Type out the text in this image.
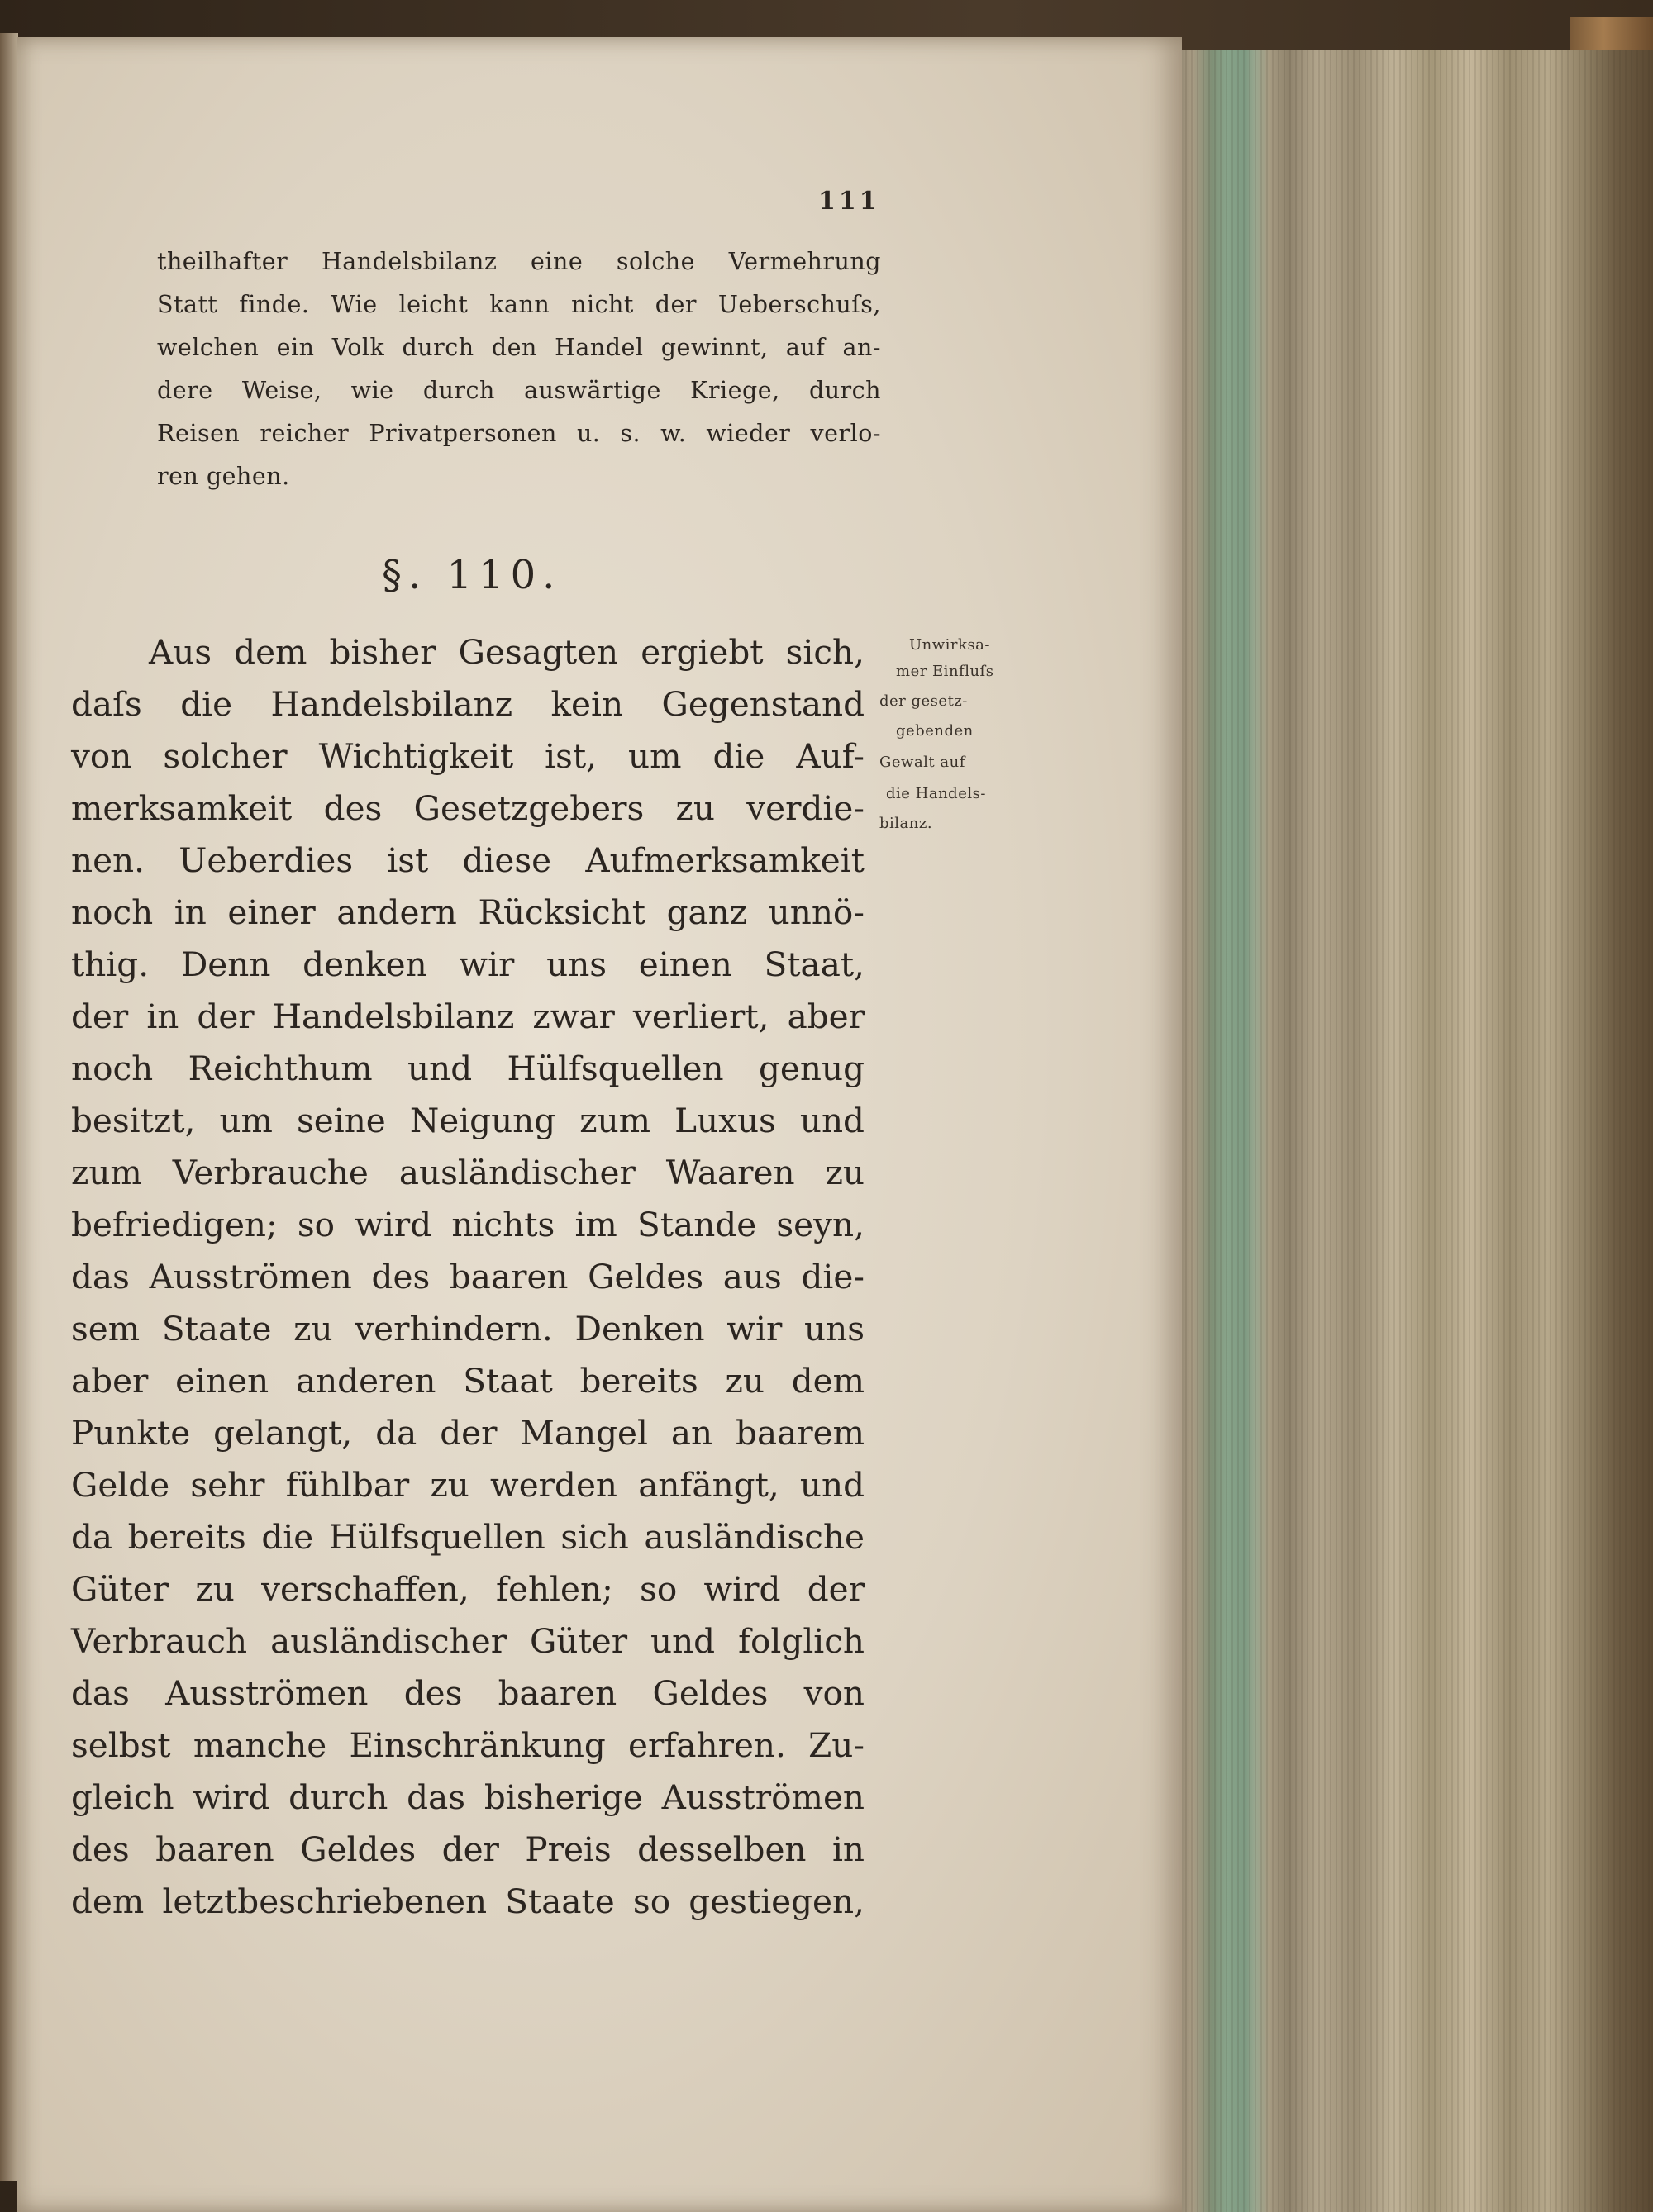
111
theilhafter Handelsbilanz eine solche Vermehrung
Statt finde. Wie leicht kann nicht der Ueberschuſs,
welchen ein Volk durch den Handel gewinnt, auf an-
dere Weise, wie durch auswärtige Kriege, durch
Reisen reicher Privatpersonen u. s. w. wieder verlo-
ren gehen.
§. 110.
Aus dem bisher Gesagten ergiebt sich,
daſs die Handelsbilanz kein Gegenstand
von solcher Wichtigkeit ist, um die Auf-
merksamkeit des Gesetzgebers zu verdie-
nen. Ueberdies ist diese Aufmerksamkeit
noch in einer andern Rücksicht ganz unnö-
thig. Denn denken wir uns einen Staat,
der in der Handelsbilanz zwar verliert, aber
noch Reichthum und Hülfsquellen genug
besitzt, um seine Neigung zum Luxus und
zum Verbrauche ausländischer Waaren zu
befriedigen; so wird nichts im Stande seyn,
das Ausströmen des baaren Geldes aus die-
sem Staate zu verhindern. Denken wir uns
aber einen anderen Staat bereits zu dem
Punkte gelangt, da der Mangel an baarem
Gelde sehr fühlbar zu werden anfängt, und
da bereits die Hülfsquellen sich ausländische
Güter zu verschaffen, fehlen; so wird der
Verbrauch ausländischer Güter und folglich
das Ausströmen des baaren Geldes von
selbst manche Einschränkung erfahren. Zu-
gleich wird durch das bisherige Ausströmen
des baaren Geldes der Preis desselben in
dem letztbeschriebenen Staate so gestiegen,
Unwirksa-
mer Einfluſs
der gesetz-
gebenden
Gewalt auf
die Handels-
bilanz.
